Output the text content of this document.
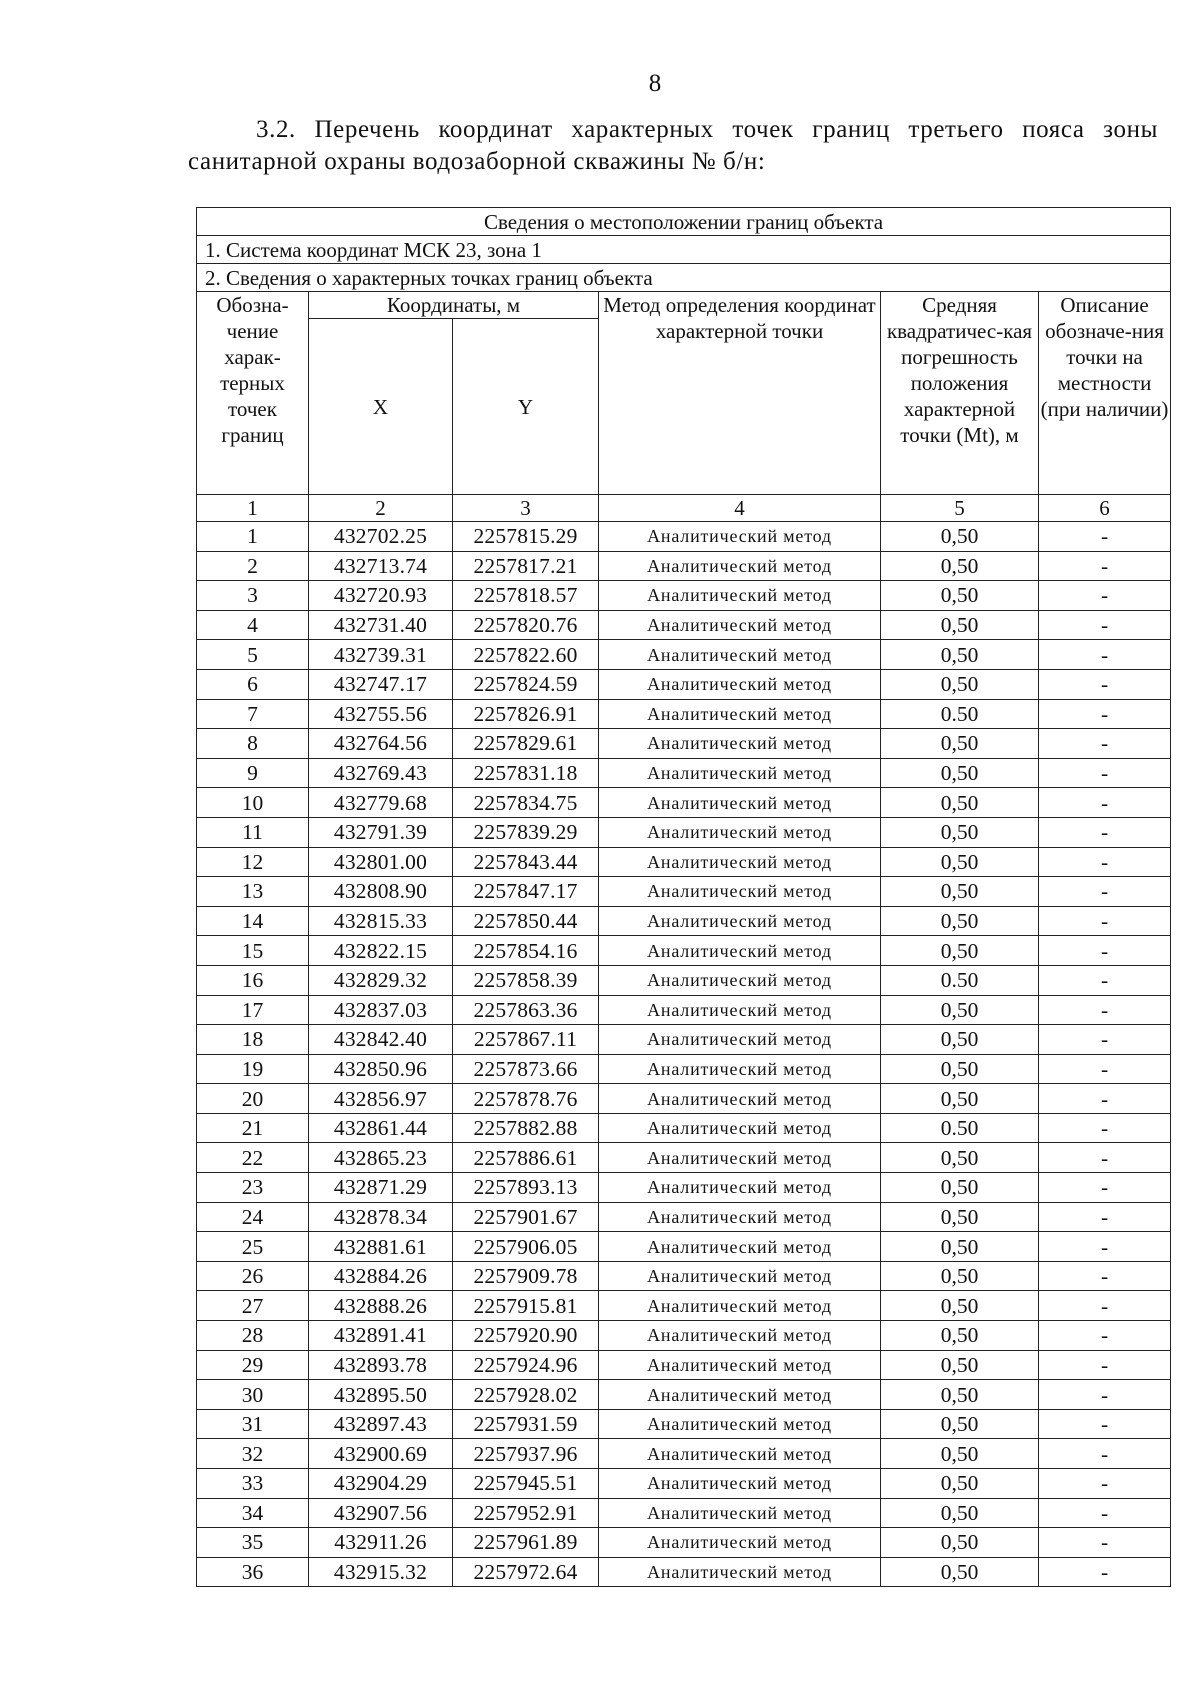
8
3.2. Перечень координат характерных точек границ третьего пояса зоны санитарной охраны водозаборной скважины № б/н:
Сведения о местоположении границ объекта					
1. Система координат МСК 23, зона 1					
2. Сведения о характерных точках границ объекта					
Обозна-чение харак-терных точек границ	Координаты, м		Метод определения координат характерной точки	Средняя квадратичес-кая погрешность положения характерной точки (Mt), м	Описание обозначе-ния точки на местности (при наличии)
	X	Y			
1	2	3	4	5	6
1	432702.25	2257815.29	Аналитический метод	0,50	-
2	432713.74	2257817.21	Аналитический метод	0,50	-
3	432720.93	2257818.57	Аналитический метод	0,50	-
4	432731.40	2257820.76	Аналитический метод	0,50	-
5	432739.31	2257822.60	Аналитический метод	0,50	-
6	432747.17	2257824.59	Аналитический метод	0,50	-
7	432755.56	2257826.91	Аналитический метод	0.50	-
8	432764.56	2257829.61	Аналитический метод	0,50	-
9	432769.43	2257831.18	Аналитический метод	0,50	-
10	432779.68	2257834.75	Аналитический метод	0,50	-
11	432791.39	2257839.29	Аналитический метод	0,50	-
12	432801.00	2257843.44	Аналитический метод	0,50	-
13	432808.90	2257847.17	Аналитический метод	0,50	-
14	432815.33	2257850.44	Аналитический метод	0,50	-
15	432822.15	2257854.16	Аналитический метод	0,50	-
16	432829.32	2257858.39	Аналитический метод	0.50	-
17	432837.03	2257863.36	Аналитический метод	0,50	-
18	432842.40	2257867.11	Аналитический метод	0,50	-
19	432850.96	2257873.66	Аналитический метод	0,50	-
20	432856.97	2257878.76	Аналитический метод	0,50	-
21	432861.44	2257882.88	Аналитический метод	0.50	-
22	432865.23	2257886.61	Аналитический метод	0,50	-
23	432871.29	2257893.13	Аналитический метод	0,50	-
24	432878.34	2257901.67	Аналитический метод	0,50	-
25	432881.61	2257906.05	Аналитический метод	0,50	-
26	432884.26	2257909.78	Аналитический метод	0,50	-
27	432888.26	2257915.81	Аналитический метод	0,50	-
28	432891.41	2257920.90	Аналитический метод	0,50	-
29	432893.78	2257924.96	Аналитический метод	0,50	-
30	432895.50	2257928.02	Аналитический метод	0,50	-
31	432897.43	2257931.59	Аналитический метод	0,50	-
32	432900.69	2257937.96	Аналитический метод	0,50	-
33	432904.29	2257945.51	Аналитический метод	0,50	-
34	432907.56	2257952.91	Аналитический метод	0,50	-
35	432911.26	2257961.89	Аналитический метод	0,50	-
36	432915.32	2257972.64	Аналитический метод	0,50	-
